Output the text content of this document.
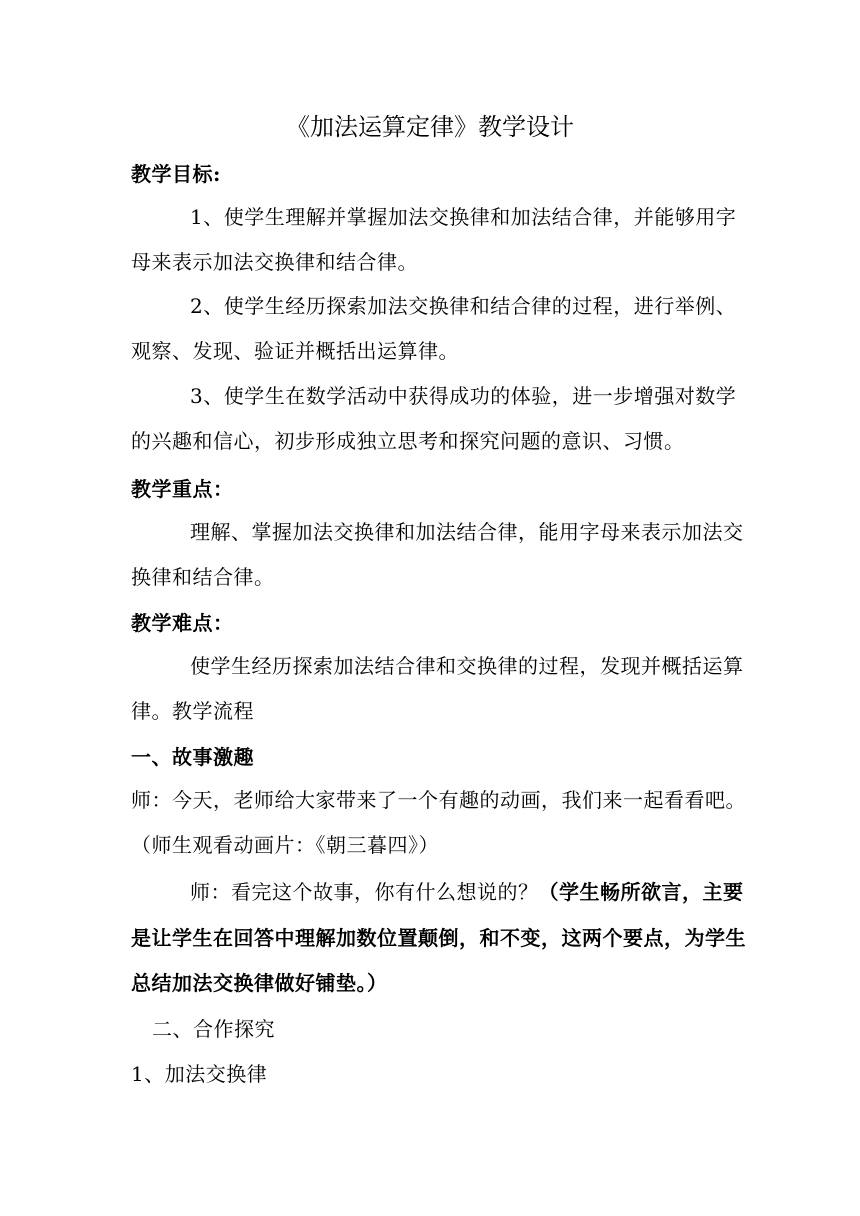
《加法运算定律》教学设计
教学目标:
1、使学生理解并掌握加法交换律和加法结合律，并能够用字
母来表示加法交换律和结合律。
2、使学生经历探索加法交换律和结合律的过程，进行举例、
观察、发现、验证并概括出运算律。
3、使学生在数学活动中获得成功的体验，进一步增强对数学
的兴趣和信心，初步形成独立思考和探究问题的意识、习惯。
教学重点：
理解、掌握加法交换律和加法结合律，能用字母来表示加法交
换律和结合律。
教学难点：
使学生经历探索加法结合律和交换律的过程，发现并概括运算
律。教学流程
一、故事激趣
师：今天，老师给大家带来了一个有趣的动画，我们来一起看看吧。
（师生观看动画片：《朝三暮四》）
师：看完这个故事，你有什么想说的？（学生畅所欲言，主要
是让学生在回答中理解加数位置颠倒，和不变，这两个要点，为学生
总结加法交换律做好铺垫。）
二、合作探究
1、加法交换律
